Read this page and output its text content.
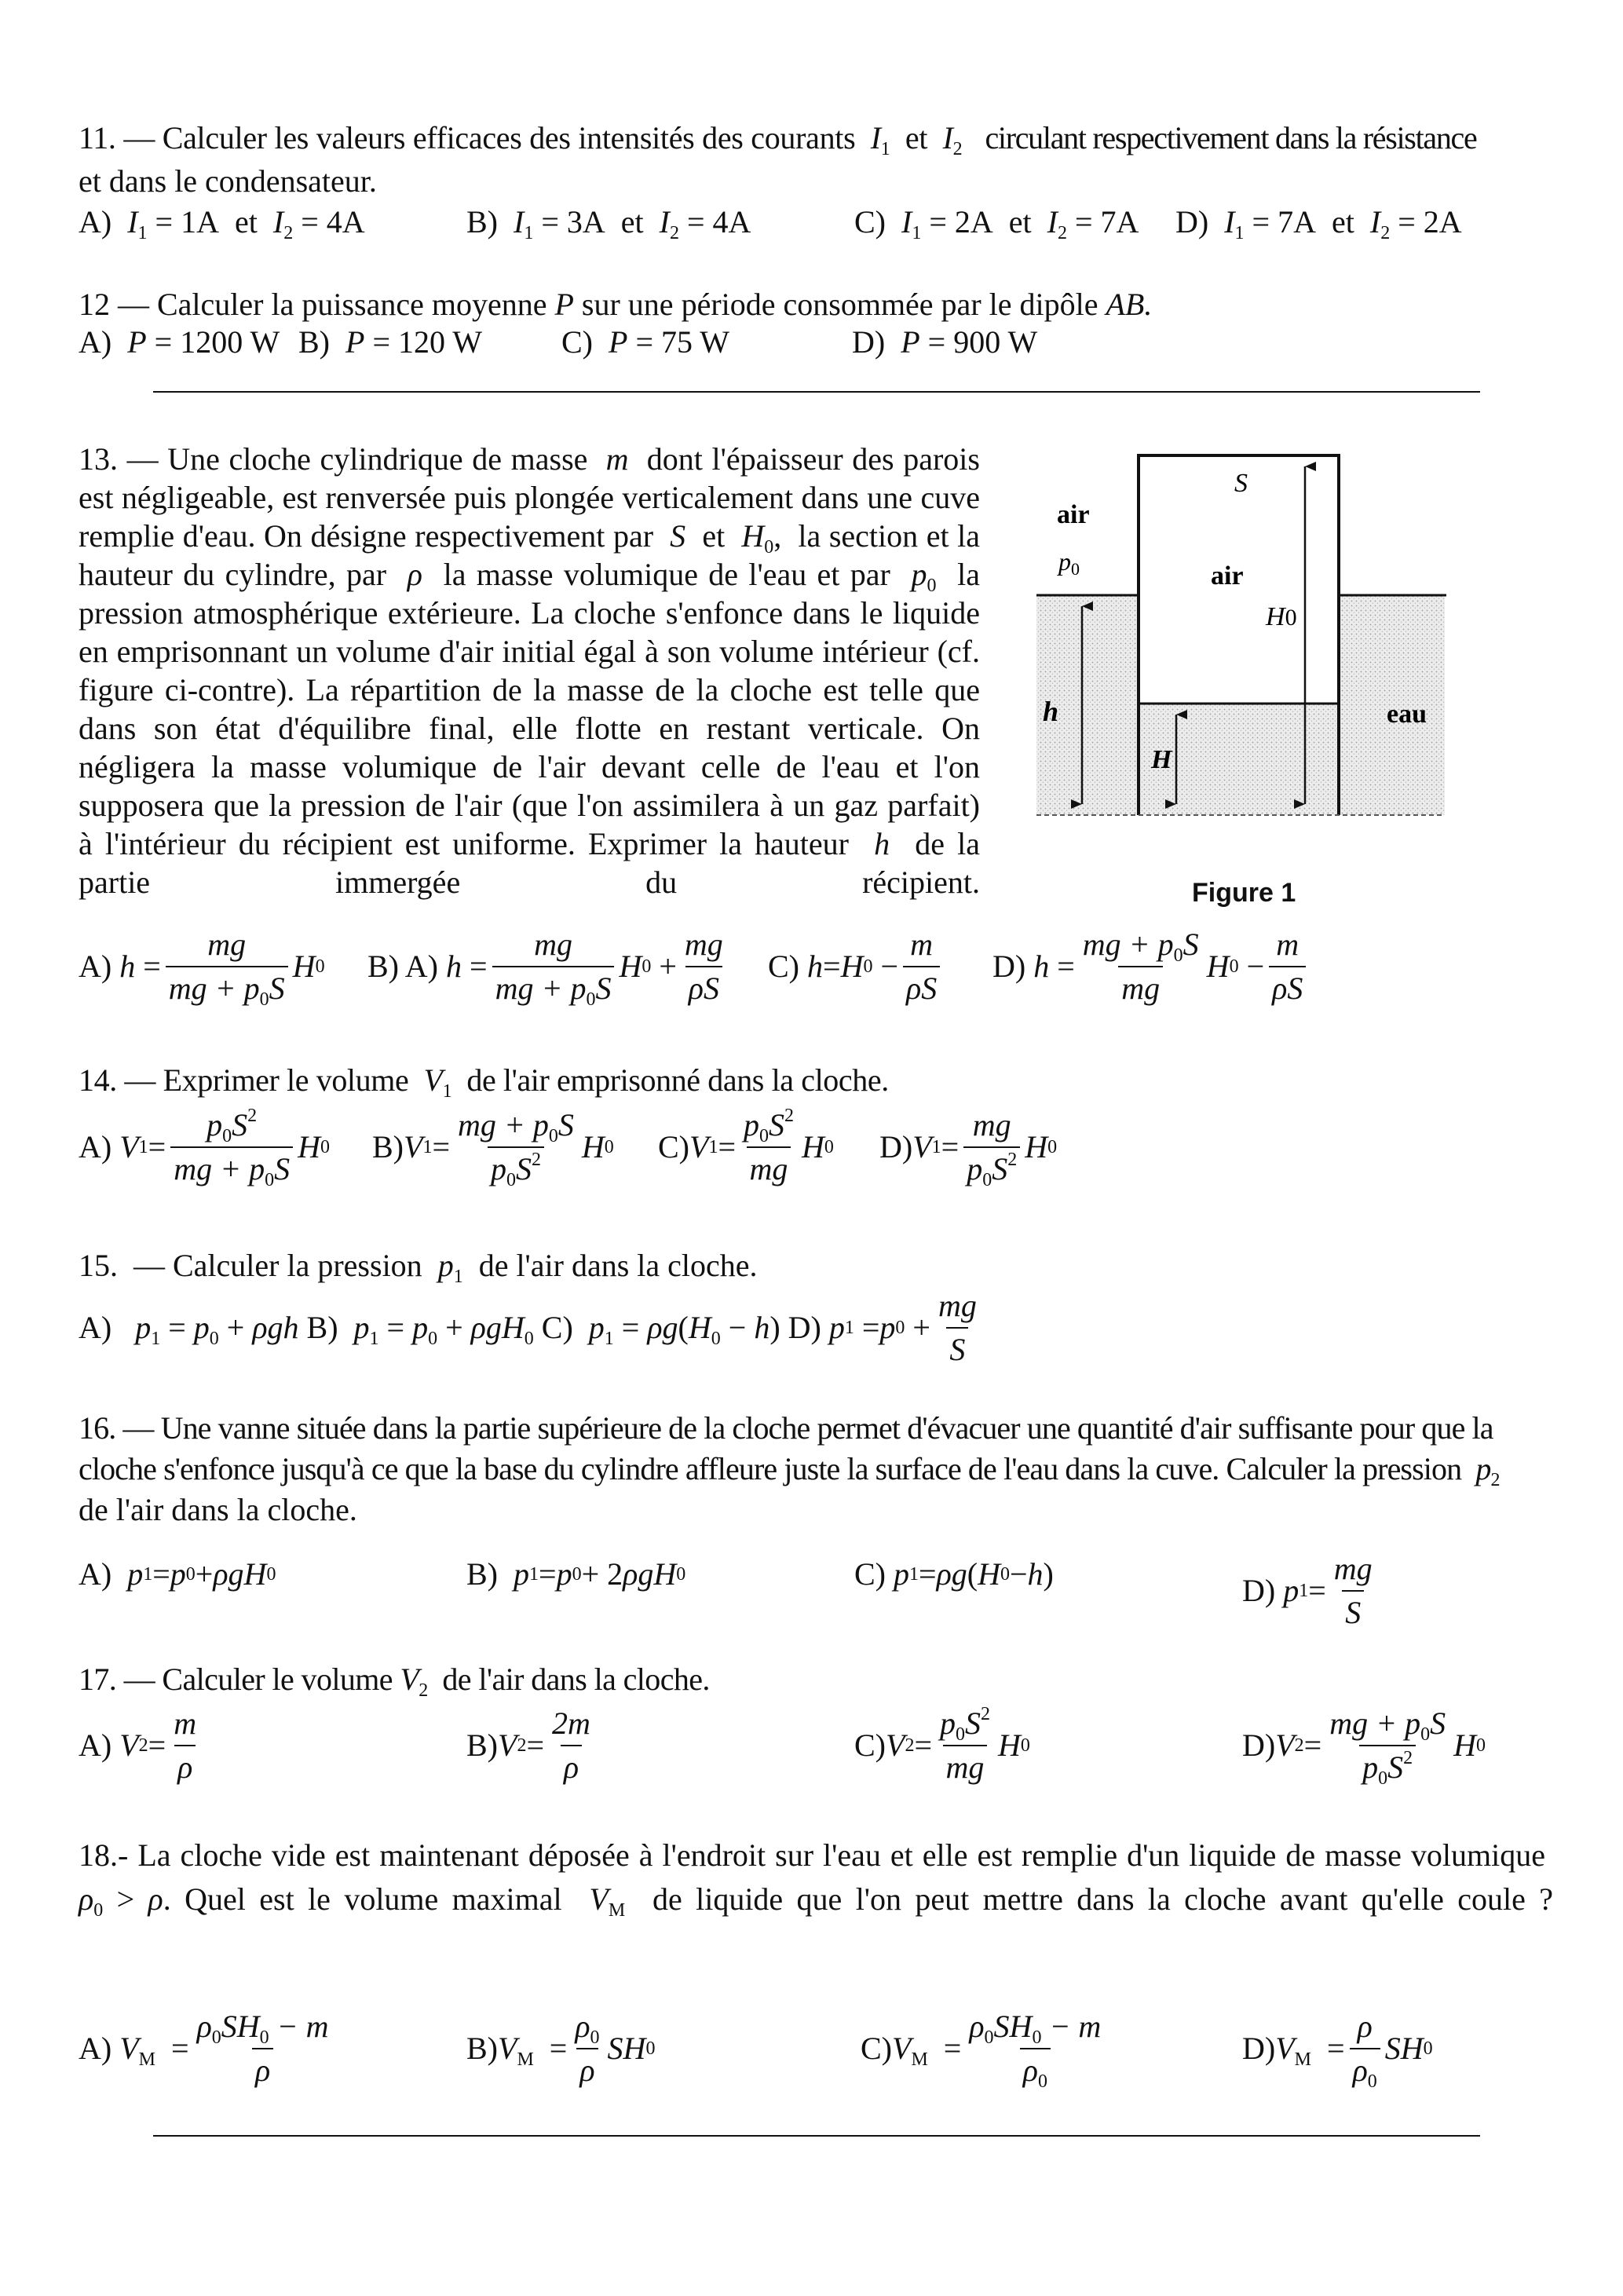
11. — Calculer les valeurs efficaces des intensités des courants $I_1$ et $I_2$ circulant respectivement dans la résistance
et dans le condensateur.
A)  $I_1 = 1A$  et  $I_2 = 4A$	B)  $I_1 = 3A$  et  $I_2 = 4A$	C)  $I_1 = 2A$  et  $I_2 = 7A$ D)  $I_1 = 7A$  et  $I_2 = 2A$
12 — Calculer la puissance moyenne P sur une période consommée par le dipôle AB.
A)  P = 1200 W B)  P = 120 W	C)  P = 75 W	D)  P = 900 W
13. — Une cloche cylindrique de masse  m  dont l'épaisseur des parois est négligeable, est renversée puis plongée verticalement dans une cuve remplie d'eau. On désigne respectivement par  S  et  $H_0$,  la section et la hauteur du cylindre, par  ρ  la masse volumique de l'eau et par  $p_0$  la pression atmosphérique extérieure. La cloche s'enfonce dans le liquide en emprisonnant un volume d'air initial égal à son volume intérieur (cf. figure ci-contre). La répartition de la masse de la cloche est telle que dans son état d'équilibre final, elle flotte en restant verticale. On négligera la masse volumique de l'air devant celle de l'eau et l'on supposera que la pression de l'air (que l'on assimilera à un gaz parfait) à l'intérieur du récipient est uniforme. Exprimer la hauteur  h  de la partie immergée du récipient.
air
p0	air
S
H0
h
H
eau
Figure 1
A) $h = \frac{mg}{mg + p_0S}$ H 0 B) A) $h = \frac{mg}{mg + p_0S}$ H $0 + \frac{mg}{\rho S} C$) h = H $0 - \frac{m}{\rho S} D$) $h = \frac{mg + p_0S}{mg}$ H $0 - \frac{m}{\rho S}$
14. — Exprimer le volume  $V_1$  de l'air emprisonné dans la cloche.
A) V $1 = \frac{p_0S^2}{mg + p_0S}$ H 0 B) V $1 = \frac{mg + p_0S}{p_0S^2}$ H 0 C) V $1 = \frac{p_0S^2}{mg}$ H 0 D) V $1 = \frac{mg}{p_0S^2}$ H 0
15.  — Calculer la pression  $p_1$  de l'air dans la cloche.
A)   $p_1 = p_0 + \rho gh$
B)  $p_1 = p_0 + \rho gH_0$
C)  $p_1 = \rho g(H_0 - h)$
D) p 1 = p $0 + \frac{mg}{S}$
16. — Une vanne située dans la partie supérieure de la cloche permet d'évacuer une quantité d'air suffisante pour que la
cloche s'enfonce jusqu'à ce que la base du cylindre affleure juste la surface de l'eau dans la cuve. Calculer la pression  $p_2$
de l'air dans la cloche.
A) p 1 = p 0 + ρgH 0	B) p 1 = p 0 + 2 ρgH 0	C) p 1 = ρg ( H 0 − h )	D) p $1 = \frac{mg}{S}$
17. — Calculer le volume $V_2$  de l'air dans la cloche.
A) V $2 = \frac{m}{\rho}$	B) V $2 = \frac{2m}{\rho}$	C) V $2 = \frac{p_0S^2}{mg}$ H 0	D) V $2 = \frac{mg + p_0S}{p_0S^2}$ H 0
18.- La cloche vide est maintenant déposée à l'endroit sur l'eau et elle est remplie d'un liquide de masse volumique  $\rho_0 > \rho$. Quel est le volume maximal  $V_M$  de liquide que l'on peut mettre dans la cloche avant qu'elle coule ?
A) $V_M = \frac{\rho_0SH_0 - m}{\rho}$	B) $V_M = \frac{\rho_0}{\rho}$ SH 0	C) $V_M = \frac{\rho_0SH_0 - m}{\rho_0}$	D) $V_M = \frac{\rho}{\rho_0}$ SH 0
